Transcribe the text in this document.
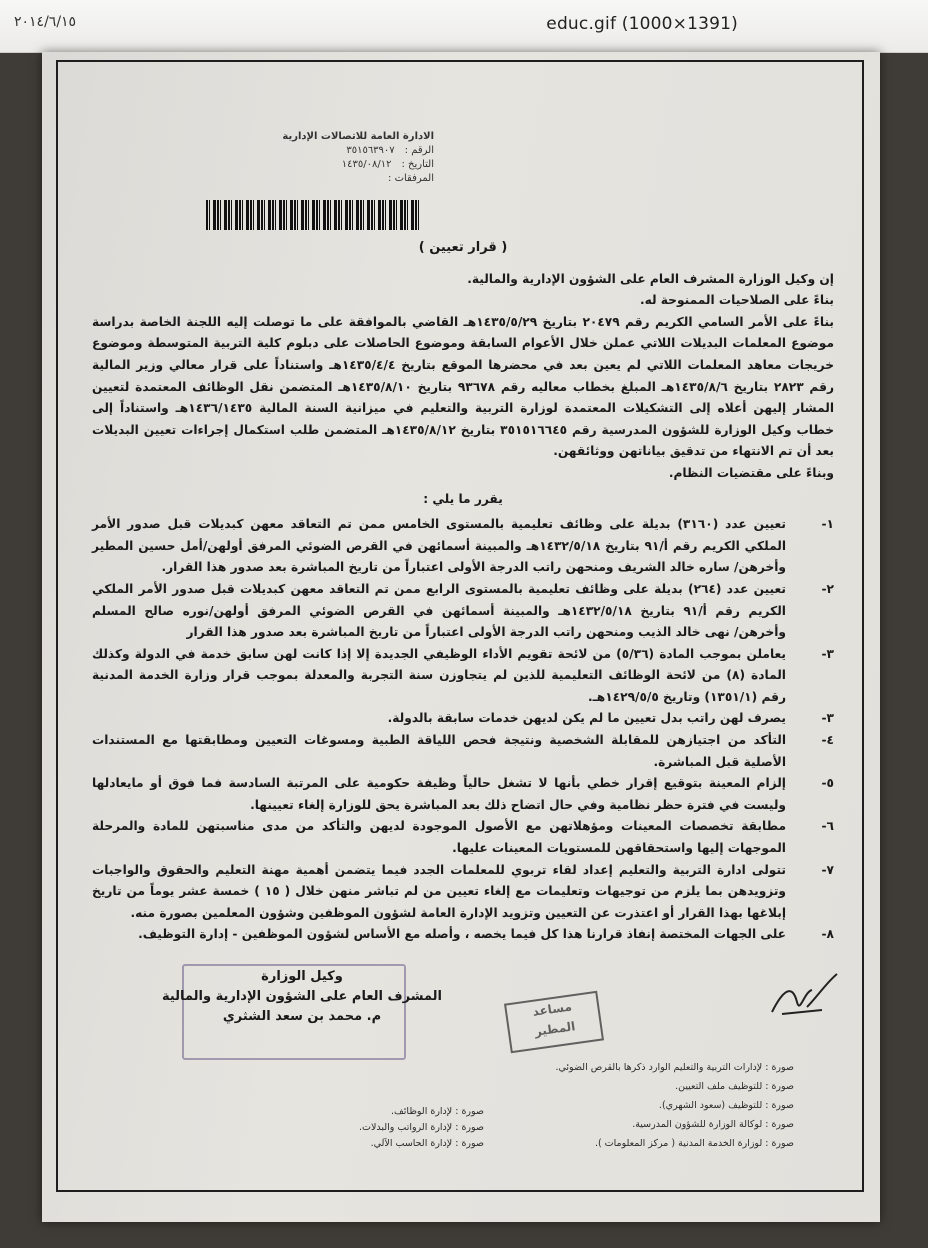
٢٠١٤/٦/١٥	educ.gif (1000×1391)
الادارة العامة للاتصالات الإدارية
الرقم :
٣٥١٥٦٣٩٠٧
التاريخ :
١٤٣٥/٠٨/١٢
المرفقات :
( قرار تعيين )

إن وكيل الوزارة المشرف العام على الشؤون الإدارية والمالية.

بناءً على الصلاحيات الممنوحة له.

بناءً على الأمر السامي الكريم رقم ٢٠٤٧٩ بتاريخ ١٤٣٥/٥/٢٩هـ القاضي بالموافقة على ما توصلت إليه اللجنة الخاصة بدراسة موضوع المعلمات البديلات اللاتي عملن خلال الأعوام السابقة وموضوع الحاصلات على دبلوم كلية التربية المتوسطة وموضوع خريجات معاهد المعلمات اللاتي لم يعين بعد في محضرها الموقع بتاريخ ١٤٣٥/٤/٤هـ واستناداً على قرار معالي وزير المالية رقم ٢٨٢٣ بتاريخ ١٤٣٥/٨/٦هـ المبلغ بخطاب معاليه رقم ٩٣٦٧٨ بتاريخ ١٤٣٥/٨/١٠هـ المتضمن نقل الوظائف المعتمدة لتعيين المشار إليهن أعلاه إلى التشكيلات المعتمدة لوزارة التربية والتعليم في ميزانية السنة المالية ١٤٣٦/١٤٣٥هـ واستناداً إلى خطاب وكيل الوزارة للشؤون المدرسية رقم ٣٥١٥١٦٦٤٥ بتاريخ ١٤٣٥/٨/١٢هـ المتضمن طلب استكمال إجراءات تعيين البديلات بعد أن تم الانتهاء من تدقيق بياناتهن ووثائقهن.

وبناءً على مقتضيات النظام.

يقرر ما يلي :
١-
تعيين عدد (٣١٦٠) بديلة على وظائف تعليمية بالمستوى الخامس ممن تم التعاقد معهن كبديلات قبل صدور الأمر الملكي الكريم رقم أ/٩١ بتاريخ ١٤٣٢/٥/١٨هـ والمبينة أسمائهن في القرص الضوئي المرفق أولهن/أمل حسين المطير وأخرهن/ ساره خالد الشريف ومنحهن راتب الدرجة الأولى اعتباراً من تاريخ المباشرة بعد صدور هذا القرار.
٢-
تعيين عدد (٢٦٤) بديلة على وظائف تعليمية بالمستوى الرابع ممن تم التعاقد معهن كبديلات قبل صدور الأمر الملكي الكريم رقم أ/٩١ بتاريخ ١٤٣٢/٥/١٨هـ والمبينة أسمائهن في القرص الضوئي المرفق أولهن/نوره صالح المسلم وأخرهن/ نهى خالد الذيب ومنحهن راتب الدرجة الأولى اعتباراً من تاريخ المباشرة بعد صدور هذا القرار
٣-
يعاملن بموجب المادة (٥/٣٦) من لائحة تقويم الأداء الوظيفي الجديدة إلا إذا كانت لهن سابق خدمة في الدولة وكذلك المادة (٨) من لائحة الوظائف التعليمية للذين لم يتجاوزن سنة التجربة والمعدلة بموجب قرار وزارة الخدمة المدنية رقم (١٣٥١/١) وتاريخ ١٤٢٩/٥/٥هـ.
٣-
يصرف لهن راتب بدل تعيين ما لم يكن لديهن خدمات سابقة بالدولة.
٤-
التأكد من اجتيازهن للمقابلة الشخصية ونتيجة فحص اللياقة الطبية ومسوغات التعيين ومطابقتها مع المستندات الأصلية قبل المباشرة.
٥-
إلزام المعينة بتوقيع إقرار خطي بأنها لا تشغل حالياً وظيفة حكومية على المرتبة السادسة فما فوق أو مايعادلها وليست في فترة حظر نظامية وفي حال اتضاح ذلك بعد المباشرة يحق للوزارة إلغاء تعيينها.
٦-
مطابقة تخصصات المعينات ومؤهلاتهن مع الأصول الموجودة لديهن والتأكد من مدى مناسبتهن للمادة والمرحلة الموجهات إليها واستحقاقهن للمستويات المعينات عليها.
٧-
تتولى ادارة التربية والتعليم إعداد لقاء تربوي للمعلمات الجدد فيما يتضمن أهمية مهنة التعليم والحقوق والواجبات وتزويدهن بما يلزم من توجيهات وتعليمات مع إلغاء تعيين من لم تباشر منهن خلال ( ١٥ ) خمسة عشر يوماً من تاريخ إبلاغها بهذا القرار أو اعتذرت عن التعيين وتزويد الإدارة العامة لشؤون الموظفين وشؤون المعلمين بصورة منه.
٨-
على الجهات المختصة إنفاذ قرارنا هذا كل فيما يخصه ، وأصله مع الأساس لشؤون الموظفين - إدارة التوظيف.
وكيل الوزارة
المشرف العام على الشؤون الإدارية والمالية
م. محمد بن سعد الشثري	مساعد
المطير
صورة : لإدارة الوظائف.
صورة : لإدارة الرواتب والبدلات.
صورة : لإدارة الحاسب الآلي.
صورة : لإدارات التربية والتعليم الوارد ذكرها بالقرص الضوئي.
صورة : للتوظيف ملف التعيين.
صورة : للتوظيف (سعود الشهري).
صورة : لوكالة الوزارة للشؤون المدرسية.
صورة : لوزارة الخدمة المدنية ( مركز المعلومات ).
